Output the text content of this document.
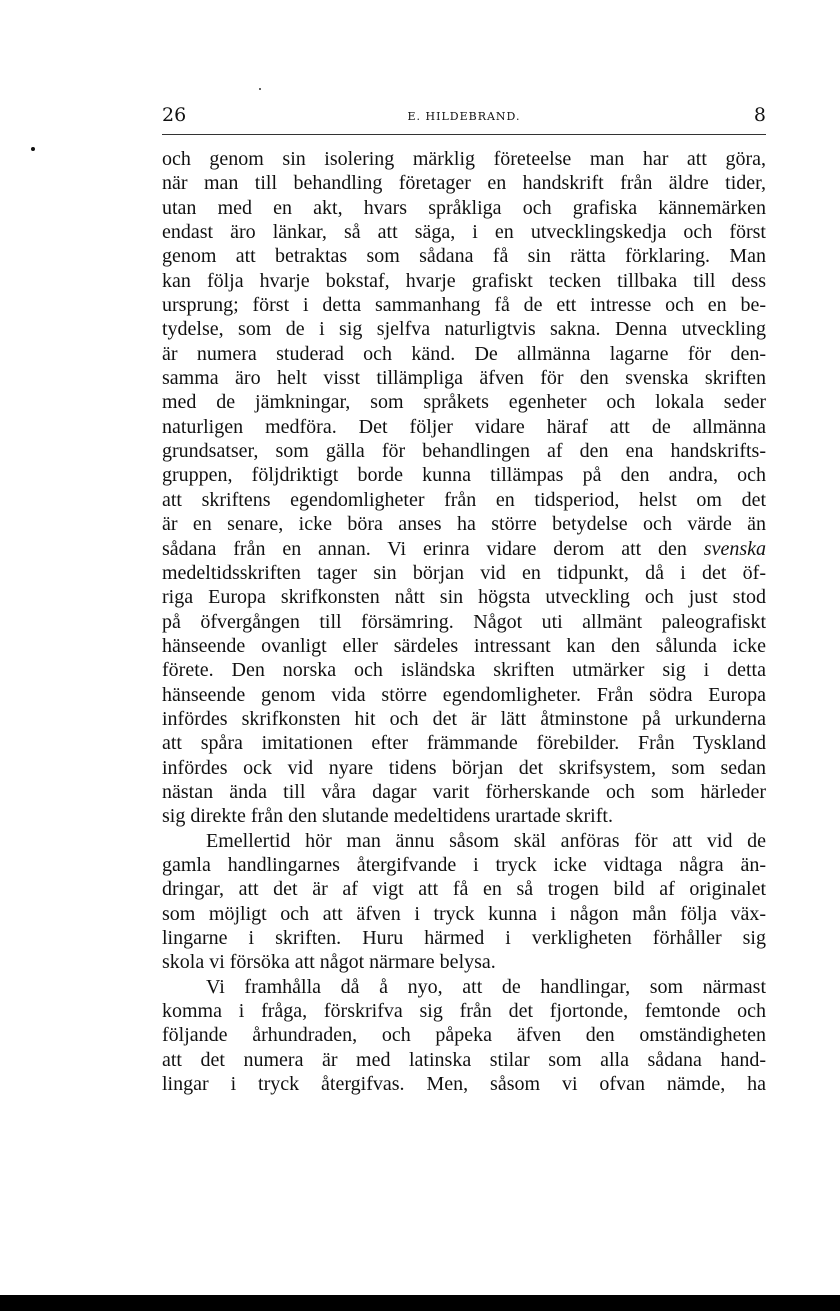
26	E. HILDEBRAND.	8
och genom sin isolering märklig företeelse man har att göra,
när man till behandling företager en handskrift från äldre tider,
utan med en akt, hvars språkliga och grafiska kännemärken
endast äro länkar, så att säga, i en utvecklingskedja och först
genom att betraktas som sådana få sin rätta förklaring. Man
kan följa hvarje bokstaf, hvarje grafiskt tecken tillbaka till dess
ursprung; först i detta sammanhang få de ett intresse och en be-
tydelse, som de i sig sjelfva naturligtvis sakna. Denna utveckling
är numera studerad och känd. De allmänna lagarne för den-
samma äro helt visst tillämpliga äfven för den svenska skriften
med de jämkningar, som språkets egenheter och lokala seder
naturligen medföra. Det följer vidare häraf att de allmänna
grundsatser, som gälla för behandlingen af den ena handskrifts-
gruppen, följdriktigt borde kunna tillämpas på den andra, och
att skriftens egendomligheter från en tidsperiod, helst om det
är en senare, icke böra anses ha större betydelse och värde än
sådana från en annan. Vi erinra vidare derom att den svenska
medeltidsskriften tager sin början vid en tidpunkt, då i det öf-
riga Europa skrifkonsten nått sin högsta utveckling och just stod
på öfvergången till försämring. Något uti allmänt paleografiskt
hänseende ovanligt eller särdeles intressant kan den sålunda icke
förete. Den norska och isländska skriften utmärker sig i detta
hänseende genom vida större egendomligheter. Från södra Europa
infördes skrifkonsten hit och det är lätt åtminstone på urkunderna
att spåra imitationen efter främmande förebilder. Från Tyskland
infördes ock vid nyare tidens början det skrifsystem, som sedan
nästan ända till våra dagar varit förherskande och som härleder
sig direkte från den slutande medeltidens urartade skrift.
Emellertid hör man ännu såsom skäl anföras för att vid de
gamla handlingarnes återgifvande i tryck icke vidtaga några än-
dringar, att det är af vigt att få en så trogen bild af originalet
som möjligt och att äfven i tryck kunna i någon mån följa väx-
lingarne i skriften. Huru härmed i verkligheten förhåller sig
skola vi försöka att något närmare belysa.
Vi framhålla då å nyo, att de handlingar, som närmast
komma i fråga, förskrifva sig från det fjortonde, femtonde och
följande århundraden, och påpeka äfven den omständigheten
att det numera är med latinska stilar som alla sådana hand-
lingar i tryck återgifvas. Men, såsom vi ofvan nämde, ha
